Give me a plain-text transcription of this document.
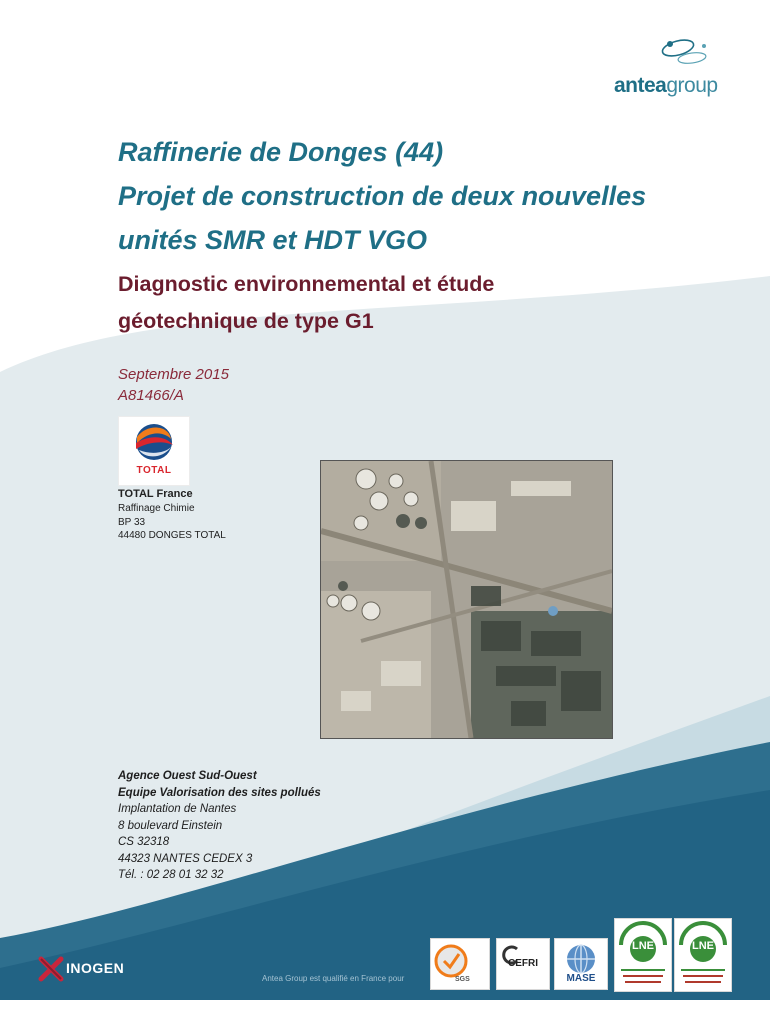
anteagroup
Raffinerie de Donges (44)
Projet de construction de deux nouvelles
unités SMR et HDT VGO
Diagnostic environnemental et étude
géotechnique de type G1
Septembre 2015
A81466/A
TOTAL
TOTAL France
Raffinage Chimie
BP 33
44480 DONGES TOTAL
Agence Ouest Sud-Ouest
Equipe Valorisation des sites pollués
Implantation de Nantes
8 boulevard Einstein
CS 32318
44323 NANTES CEDEX 3
Tél. : 02 28 01 32 32
INOGEN
Antea Group est qualifié en France pour	SGS
CEFRI
MASE
LNE	LNE
